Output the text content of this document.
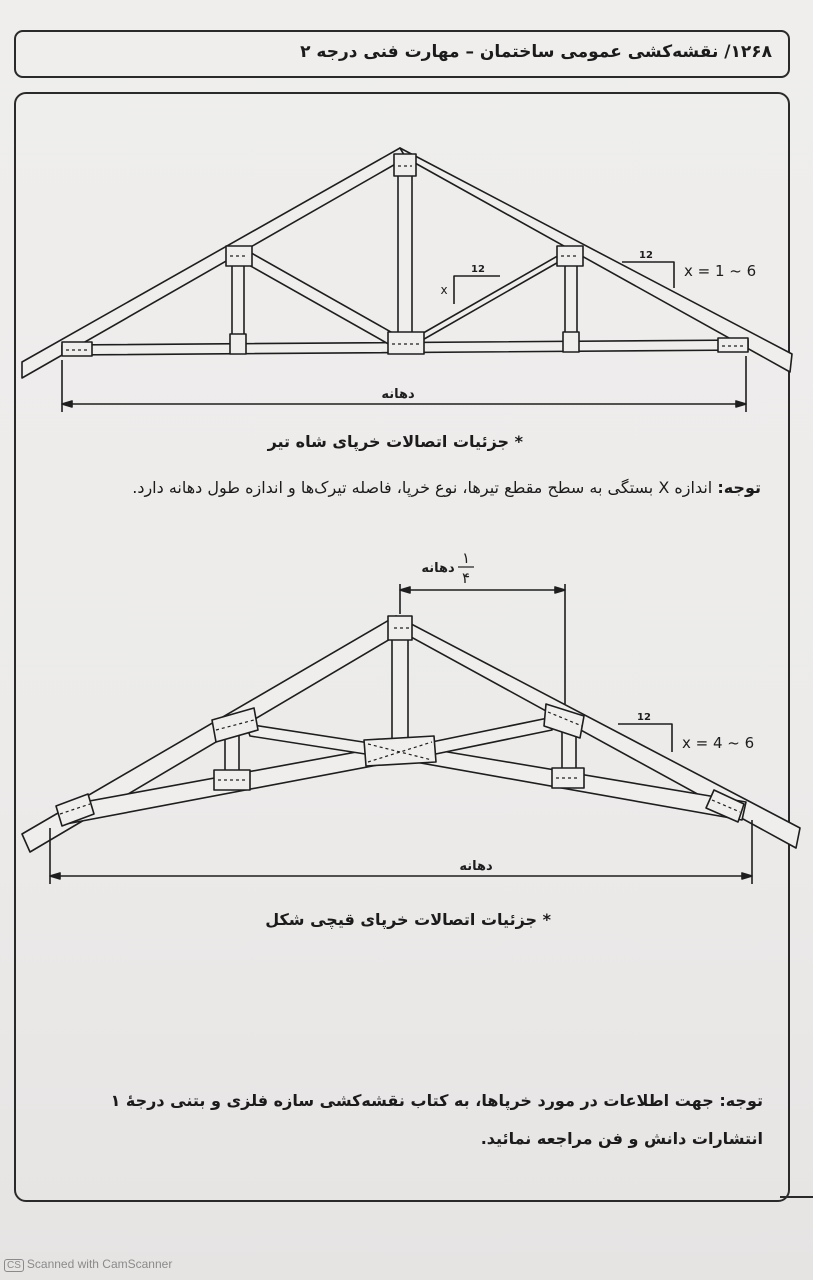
۱۲۶۸/ نقشه‌کشی عمومی ساختمان – مهارت فنی درجه ۲
12
x
12
x = 1 ~ 6
دهانه
۱
۴
دهانه
12
x = 4 ~ 6
دهانه
* جزئیات اتصالات خرپای شاه تیر
توجه: اندازه X بستگی به سطح مقطع تیرها، نوع خرپا، فاصله تیرک‌ها و اندازه طول دهانه دارد.
* جزئیات اتصالات خرپای قیچی شکل
توجه: جهت اطلاعات در مورد خرپاها، به کتاب نقشه‌کشی سازه فلزی و بتنی درجهٔ ۱ انتشارات دانش و فن مراجعه نمائید.
CS Scanned with CamScanner
